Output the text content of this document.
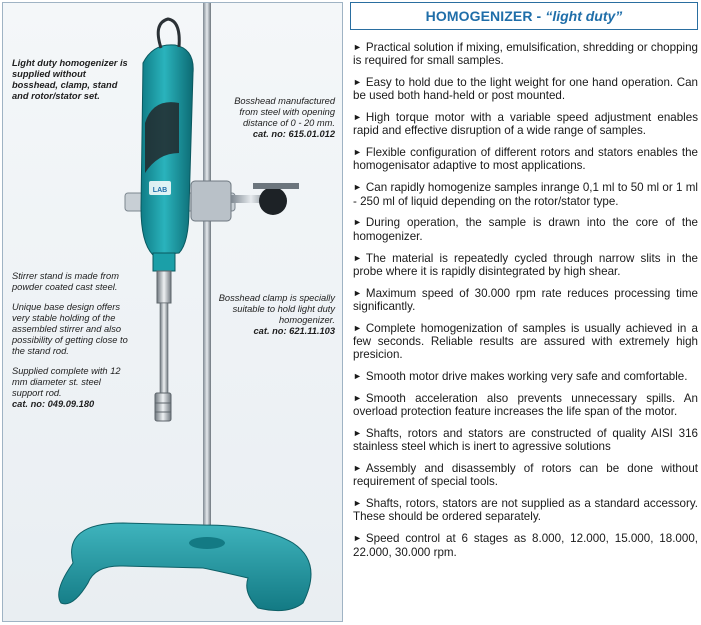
LAB
Light duty homogenizer is supplied without bosshead, clamp, stand and rotor/stator set.	Bosshead manufactured from steel with opening distance of 0 - 20 mm.
cat. no: 615.01.012

Stirrer stand is made from powder coated cast steel.

Unique base design offers very stable holding of the assembled stirrer and also possibility of getting close to the stand rod.

Supplied complete with 12 mm diameter st. steel support rod.
cat. no: 049.09.180
Bosshead clamp is specially suitable to hold light duty homogenizer.
cat. no: 621.11.103
HOMOGENIZER - “light duty”
► Practical solution if mixing, emulsification, shredding or chopping is required for small samples.
► Easy to hold due to the light weight for one hand operation. Can be used both hand-held or post mounted.
► High torque motor with a variable speed adjustment enables rapid and effective disruption of a wide range of samples.
► Flexible configuration of different rotors and stators enables the homogenisator adaptive to most applications.
► Can rapidly homogenize samples inrange 0,1 ml to 50 ml or 1 ml - 250 ml of liquid depending on the rotor/stator type.
► During operation, the sample is drawn into the core of the homogenizer.
► The material is repeatedly cycled through narrow slits in the probe where it is rapidly disintegrated by high shear.
► Maximum speed of 30.000 rpm rate reduces processing time significantly.
► Complete homogenization of samples is usually achieved in a few seconds. Reliable results are assured with extremely high presicion.
► Smooth motor drive makes working very safe and comfortable.
► Smooth acceleration also prevents unnecessary spills. An overload protection feature increases the life span of the motor.
► Shafts, rotors and stators are constructed of quality AISI 316 stainless steel which is inert to agressive solutions
► Assembly and disassembly of rotors can be done without requirement of special tools.
► Shafts, rotors, stators are not supplied as a standard accessory. These should be ordered separately.
► Speed control at 6 stages as 8.000, 12.000, 15.000, 18.000, 22.000, 30.000 rpm.
